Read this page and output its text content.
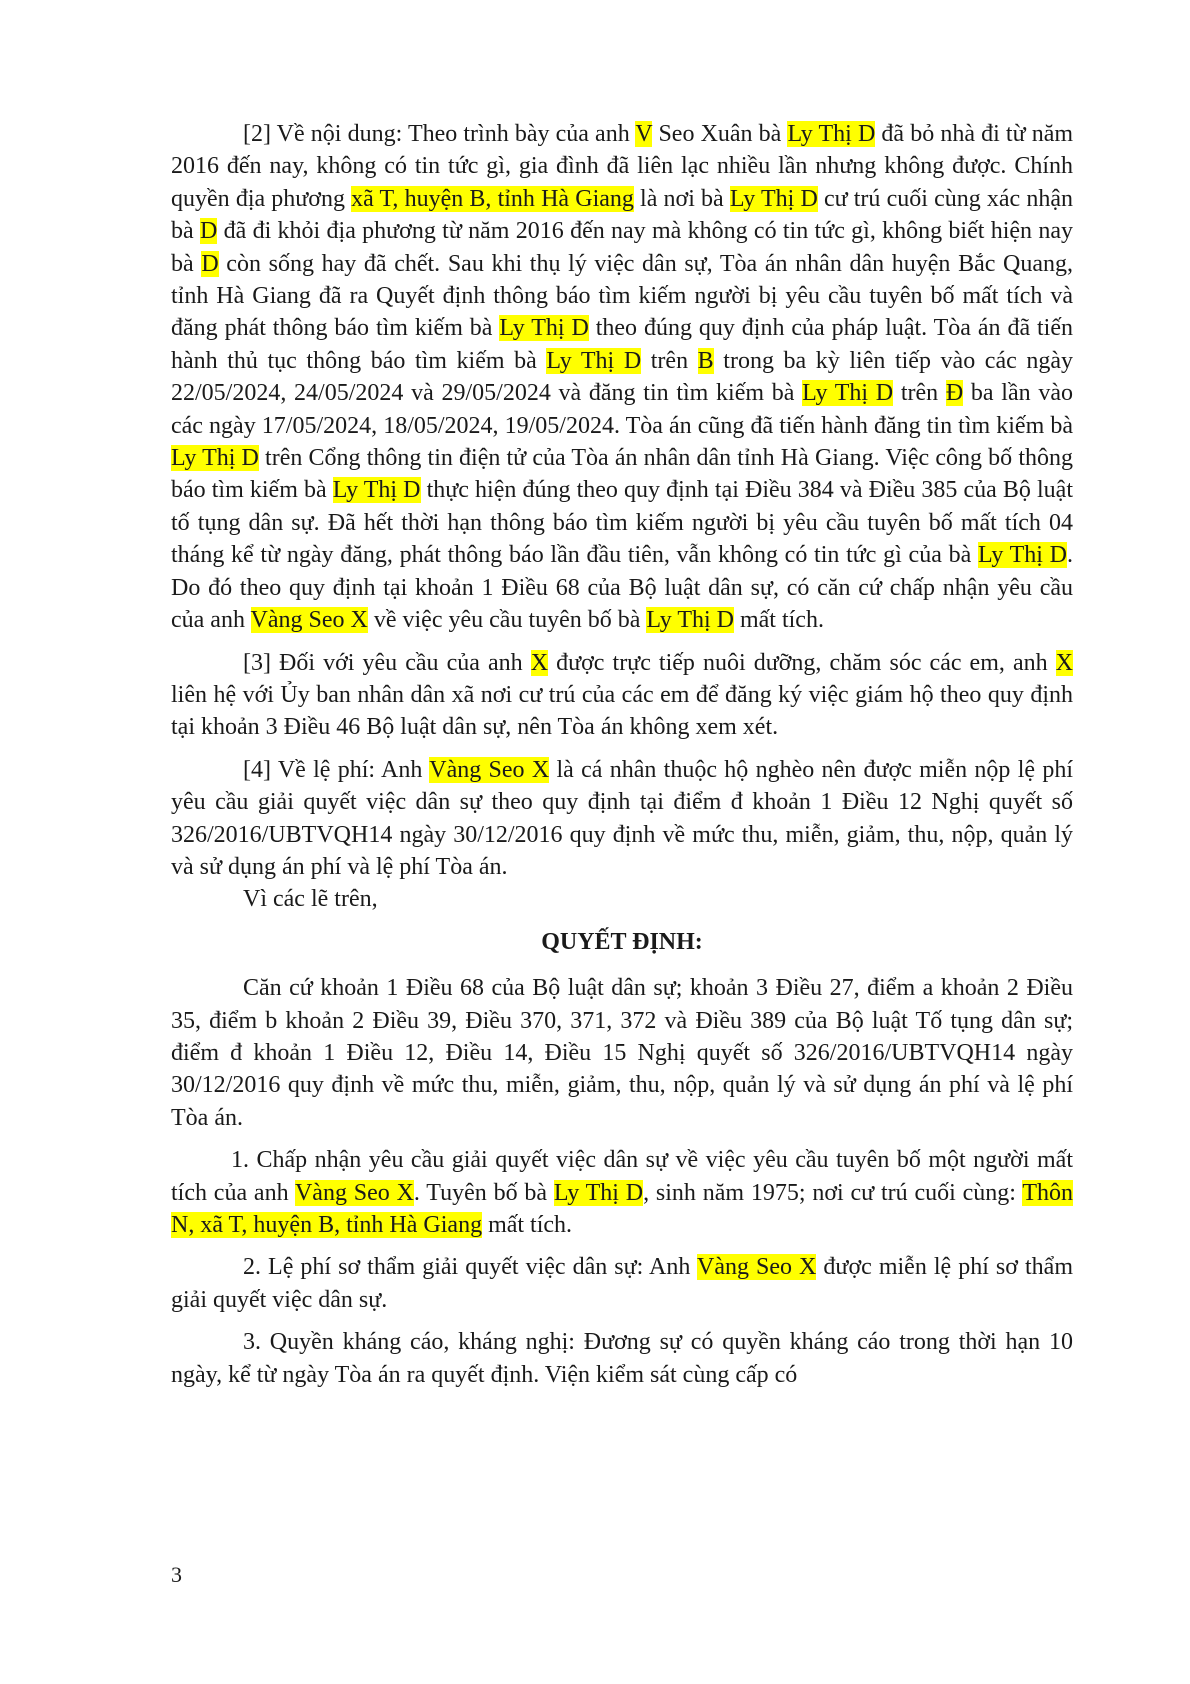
[2] Về nội dung: Theo trình bày của anh V Seo Xuân bà Ly Thị D đã bỏ nhà đi từ năm 2016 đến nay, không có tin tức gì, gia đình đã liên lạc nhiều lần nhưng không được. Chính quyền địa phương xã T, huyện B, tỉnh Hà Giang là nơi bà Ly Thị D cư trú cuối cùng xác nhận bà D đã đi khỏi địa phương từ năm 2016 đến nay mà không có tin tức gì, không biết hiện nay bà D còn sống hay đã chết. Sau khi thụ lý việc dân sự, Tòa án nhân dân huyện Bắc Quang, tỉnh Hà Giang đã ra Quyết định thông báo tìm kiếm người bị yêu cầu tuyên bố mất tích và đăng phát thông báo tìm kiếm bà Ly Thị D theo đúng quy định của pháp luật. Tòa án đã tiến hành thủ tục thông báo tìm kiếm bà Ly Thị D trên B trong ba kỳ liên tiếp vào các ngày 22/05/2024, 24/05/2024 và 29/05/2024 và đăng tin tìm kiếm bà Ly Thị D trên Đ ba lần vào các ngày 17/05/2024, 18/05/2024, 19/05/2024. Tòa án cũng đã tiến hành đăng tin tìm kiếm bà Ly Thị D trên Cổng thông tin điện tử của Tòa án nhân dân tỉnh Hà Giang. Việc công bố thông báo tìm kiếm bà Ly Thị D thực hiện đúng theo quy định tại Điều 384 và Điều 385 của Bộ luật tố tụng dân sự. Đã hết thời hạn thông báo tìm kiếm người bị yêu cầu tuyên bố mất tích 04 tháng kể từ ngày đăng, phát thông báo lần đầu tiên, vẫn không có tin tức gì của bà Ly Thị D. Do đó theo quy định tại khoản 1 Điều 68 của Bộ luật dân sự, có căn cứ chấp nhận yêu cầu của anh Vàng Seo X về việc yêu cầu tuyên bố bà Ly Thị D mất tích.

[3] Đối với yêu cầu của anh X được trực tiếp nuôi dưỡng, chăm sóc các em, anh X liên hệ với Ủy ban nhân dân xã nơi cư trú của các em để đăng ký việc giám hộ theo quy định tại khoản 3 Điều 46 Bộ luật dân sự, nên Tòa án không xem xét.

[4] Về lệ phí: Anh Vàng Seo X là cá nhân thuộc hộ nghèo nên được miễn nộp lệ phí yêu cầu giải quyết việc dân sự theo quy định tại điểm đ khoản 1 Điều 12 Nghị quyết số 326/2016/UBTVQH14 ngày 30/12/2016 quy định về mức thu, miễn, giảm, thu, nộp, quản lý và sử dụng án phí và lệ phí Tòa án.

Vì các lẽ trên,

QUYẾT ĐỊNH:

Căn cứ khoản 1 Điều 68 của Bộ luật dân sự; khoản 3 Điều 27, điểm a khoản 2 Điều 35, điểm b khoản 2 Điều 39, Điều 370, 371, 372 và Điều 389 của Bộ luật Tố tụng dân sự; điểm đ khoản 1 Điều 12, Điều 14, Điều 15 Nghị quyết số 326/2016/UBTVQH14 ngày 30/12/2016 quy định về mức thu, miễn, giảm, thu, nộp, quản lý và sử dụng án phí và lệ phí Tòa án.

1. Chấp nhận yêu cầu giải quyết việc dân sự về việc yêu cầu tuyên bố một người mất tích của anh Vàng Seo X. Tuyên bố bà Ly Thị D, sinh năm 1975; nơi cư trú cuối cùng: Thôn N, xã T, huyện B, tỉnh Hà Giang mất tích.

2. Lệ phí sơ thẩm giải quyết việc dân sự: Anh Vàng Seo X được miễn lệ phí sơ thẩm giải quyết việc dân sự.

3. Quyền kháng cáo, kháng nghị: Đương sự có quyền kháng cáo trong thời hạn 10 ngày, kể từ ngày Tòa án ra quyết định. Viện kiểm sát cùng cấp có

3
